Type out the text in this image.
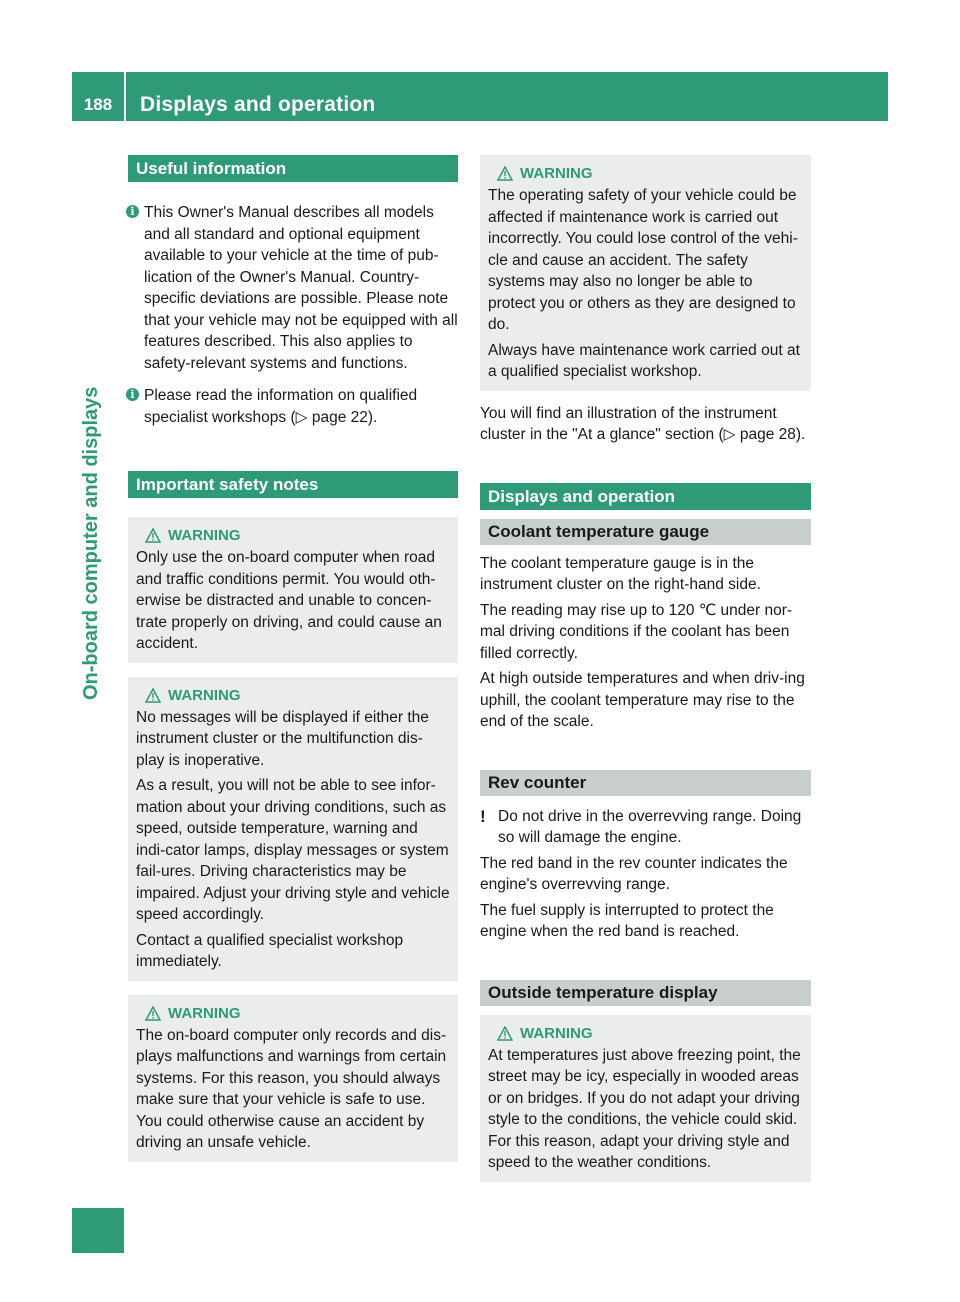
188	Displays and operation
On-board computer and displays
Useful information
i This Owner's Manual describes all models and all standard and optional equipment available to your vehicle at the time of pub-lication of the Owner's Manual. Country-specific deviations are possible. Please note that your vehicle may not be equipped with all features described. This also applies to safety-relevant systems and functions.

i Please read the information on qualified specialist workshops (▷ page 22).

Important safety notes
WARNING

Only use the on-board computer when road and traffic conditions permit. You would oth-erwise be distracted and unable to concen-trate properly on driving, and could cause an accident.

WARNING

No messages will be displayed if either the instrument cluster or the multifunction dis-play is inoperative.

As a result, you will not be able to see infor-mation about your driving conditions, such as speed, outside temperature, warning and indi-cator lamps, display messages or system fail-ures. Driving characteristics may be impaired. Adjust your driving style and vehicle speed accordingly.

Contact a qualified specialist workshop immediately.

WARNING

The on-board computer only records and dis-plays malfunctions and warnings from certain systems. For this reason, you should always make sure that your vehicle is safe to use. You could otherwise cause an accident by driving an unsafe vehicle.

WARNING

The operating safety of your vehicle could be affected if maintenance work is carried out incorrectly. You could lose control of the vehi-cle and cause an accident. The safety systems may also no longer be able to protect you or others as they are designed to do.

Always have maintenance work carried out at a qualified specialist workshop.

You will find an illustration of the instrument cluster in the "At a glance" section (▷ page 28).

Displays and operation
Coolant temperature gauge

The coolant temperature gauge is in the instrument cluster on the right-hand side.

The reading may rise up to 120 ℃ under nor-mal driving conditions if the coolant has been filled correctly.

At high outside temperatures and when driv-ing uphill, the coolant temperature may rise to the end of the scale.

Rev counter
! Do not drive in the overrevving range. Doing so will damage the engine.

The red band in the rev counter indicates the engine's overrevving range.

The fuel supply is interrupted to protect the engine when the red band is reached.

Outside temperature display
WARNING

At temperatures just above freezing point, the street may be icy, especially in wooded areas or on bridges. If you do not adapt your driving style to the conditions, the vehicle could skid. For this reason, adapt your driving style and speed to the weather conditions.
